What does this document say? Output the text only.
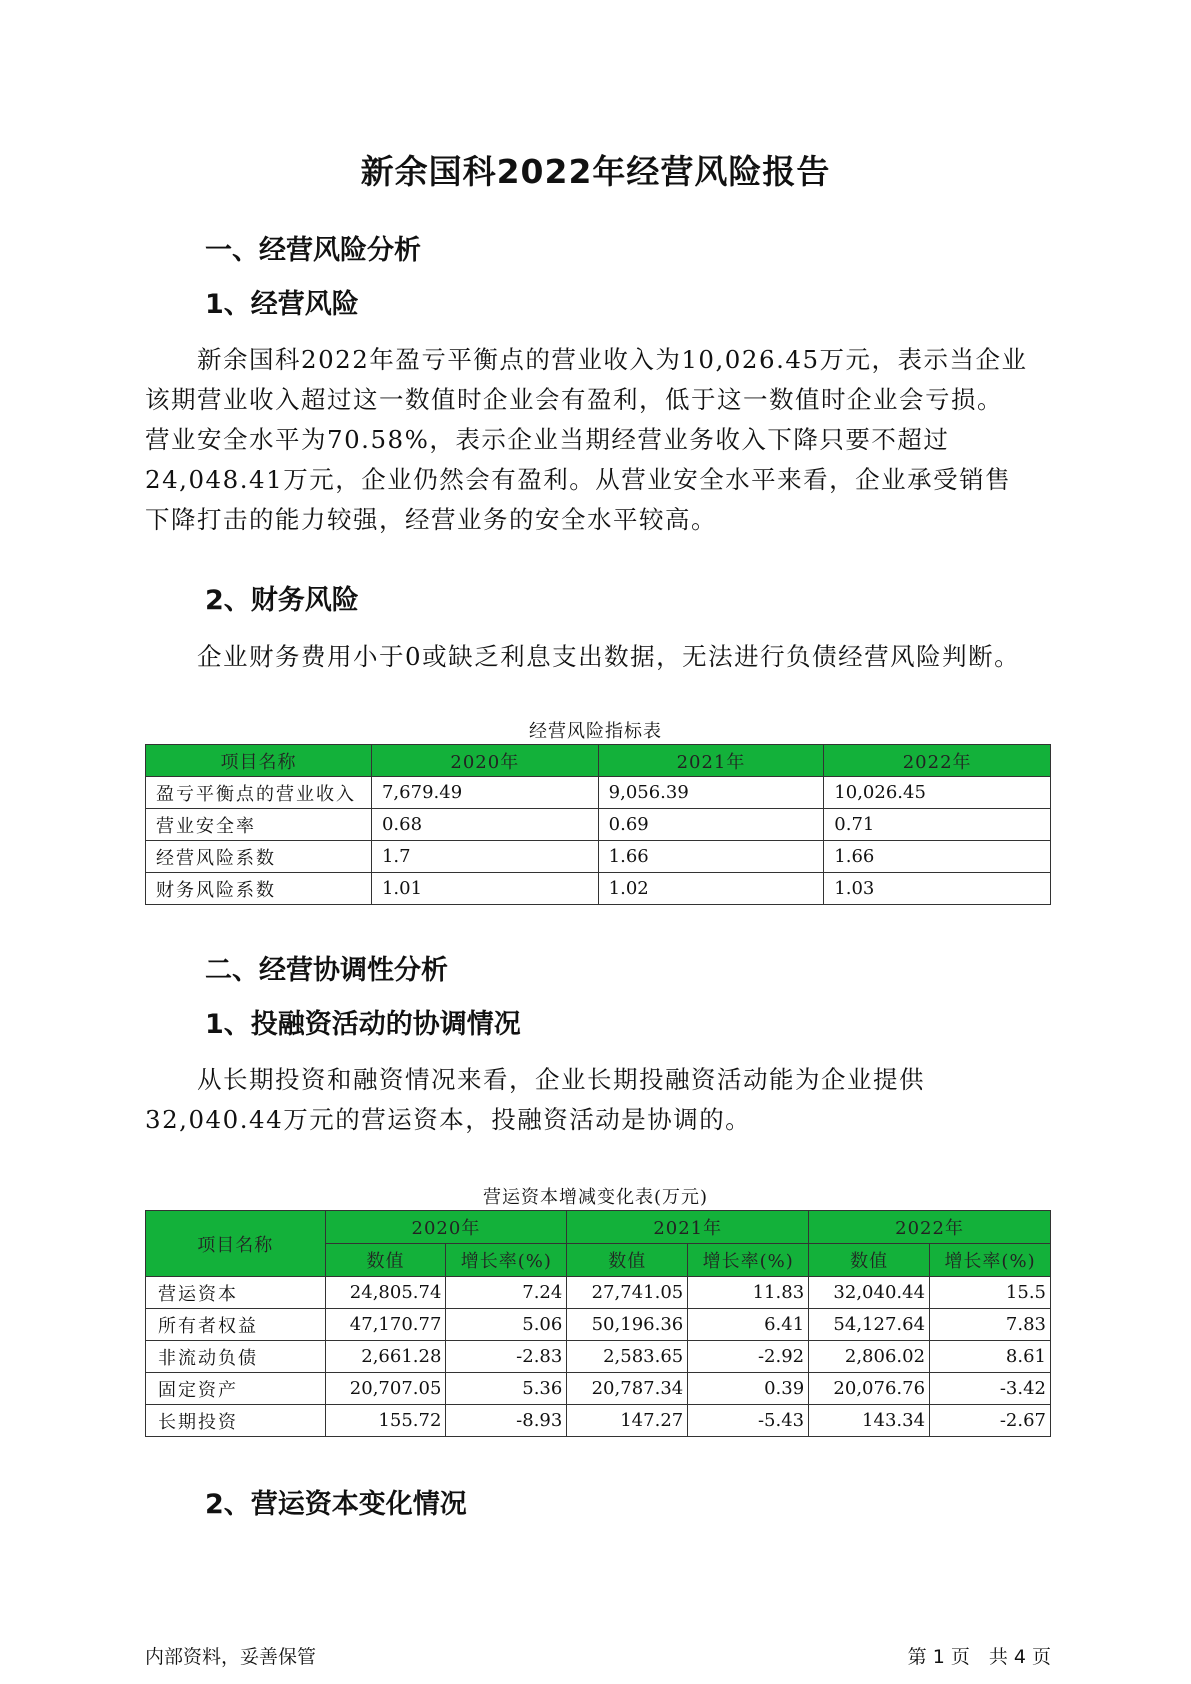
新余国科2022年经营风险报告
一、经营风险分析
1、经营风险
　　新余国科2022年盈亏平衡点的营业收入为10,026.45万元，表示当企业
该期营业收入超过这一数值时企业会有盈利，低于这一数值时企业会亏损。
营业安全水平为70.58%，表示企业当期经营业务收入下降只要不超过
24,048.41万元，企业仍然会有盈利。从营业安全水平来看，企业承受销售
下降打击的能力较强，经营业务的安全水平较高。
2、财务风险
　　企业财务费用小于0或缺乏利息支出数据，无法进行负债经营风险判断。
经营风险指标表
项目名称	2020年	2021年	2022年
盈亏平衡点的营业收入	7,679.49	9,056.39	10,026.45
营业安全率	0.68	0.69	0.71
经营风险系数	1.7	1.66	1.66
财务风险系数	1.01	1.02	1.03
二、经营协调性分析
1、投融资活动的协调情况
　　从长期投资和融资情况来看，企业长期投融资活动能为企业提供
32,040.44万元的营运资本，投融资活动是协调的。
营运资本增减变化表(万元)
项目名称	2020年		2021年		2022年	
	数值	增长率(%)	数值	增长率(%)	数值	增长率(%)
营运资本	24,805.74	7.24	27,741.05	11.83	32,040.44	15.5
所有者权益	47,170.77	5.06	50,196.36	6.41	54,127.64	7.83
非流动负债	2,661.28	-2.83	2,583.65	-2.92	2,806.02	8.61
固定资产	20,707.05	5.36	20,787.34	0.39	20,076.76	-3.42
长期投资	155.72	-8.93	147.27	-5.43	143.34	-2.67
2、营运资本变化情况
内部资料，妥善保管	第 1 页　共 4 页
